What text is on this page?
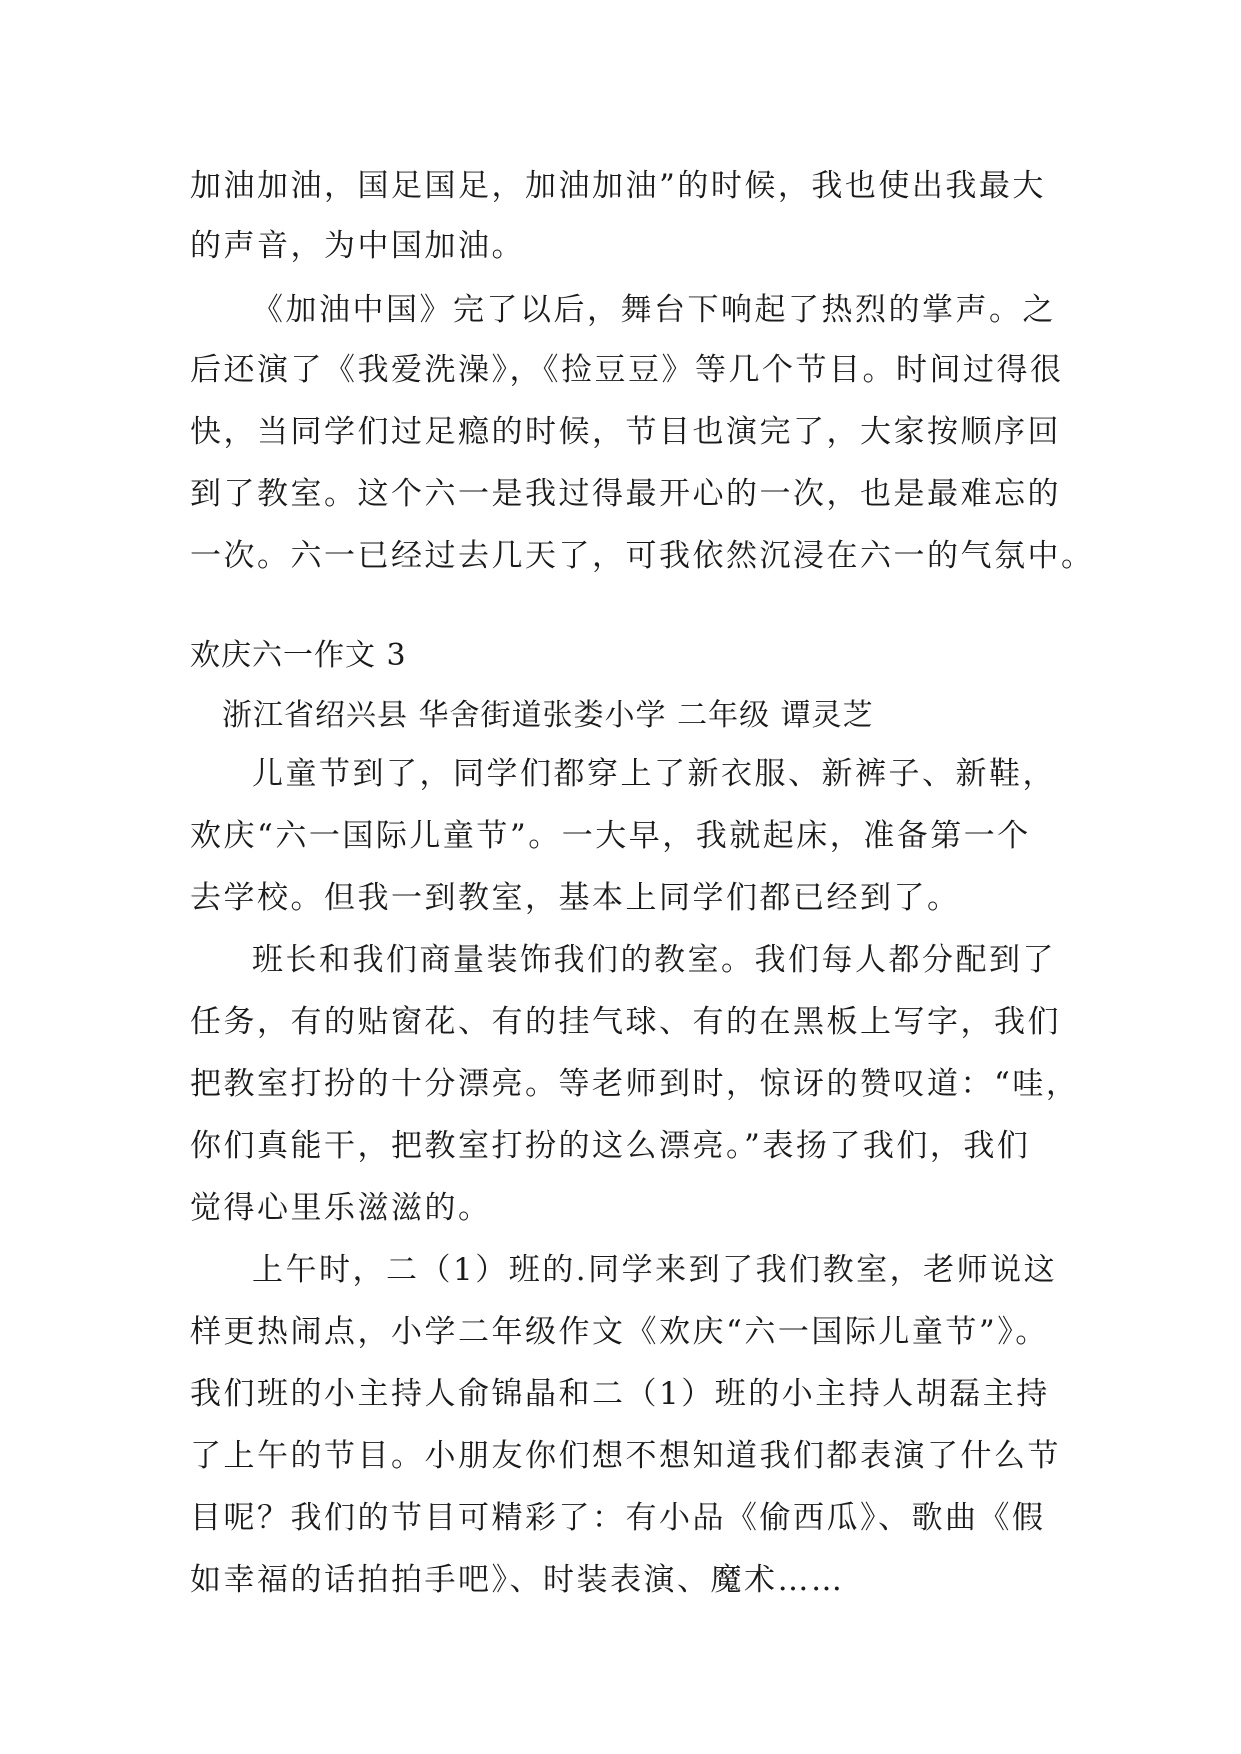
加油加油，国足国足，加油加油”的时候，我也使出我最大
的声音，为中国加油。
《加油中国》完了以后，舞台下响起了热烈的掌声。之
后还演了《我爱洗澡》，《捡豆豆》等几个节目。时间过得很
快，当同学们过足瘾的时候，节目也演完了，大家按顺序回
到了教室。这个六一是我过得最开心的一次，也是最难忘的
一次。六一已经过去几天了，可我依然沉浸在六一的气氛中。
欢庆六一作文 3
浙江省绍兴县 华舍街道张娄小学 二年级 谭灵芝
儿童节到了，同学们都穿上了新衣服、新裤子、新鞋，
欢庆“六一国际儿童节”。一大早，我就起床，准备第一个
去学校。但我一到教室，基本上同学们都已经到了。
班长和我们商量装饰我们的教室。我们每人都分配到了
任务，有的贴窗花、有的挂气球、有的在黑板上写字，我们
把教室打扮的十分漂亮。等老师到时，惊讶的赞叹道：“哇，
你们真能干，把教室打扮的这么漂亮。”表扬了我们，我们
觉得心里乐滋滋的。
上午时，二（1）班的.同学来到了我们教室，老师说这
样更热闹点，小学二年级作文《欢庆“六一国际儿童节”》。
我们班的小主持人俞锦晶和二（1）班的小主持人胡磊主持
了上午的节目。小朋友你们想不想知道我们都表演了什么节
目呢？我们的节目可精彩了：有小品《偷西瓜》、歌曲《假
如幸福的话拍拍手吧》、时装表演、魔术……
